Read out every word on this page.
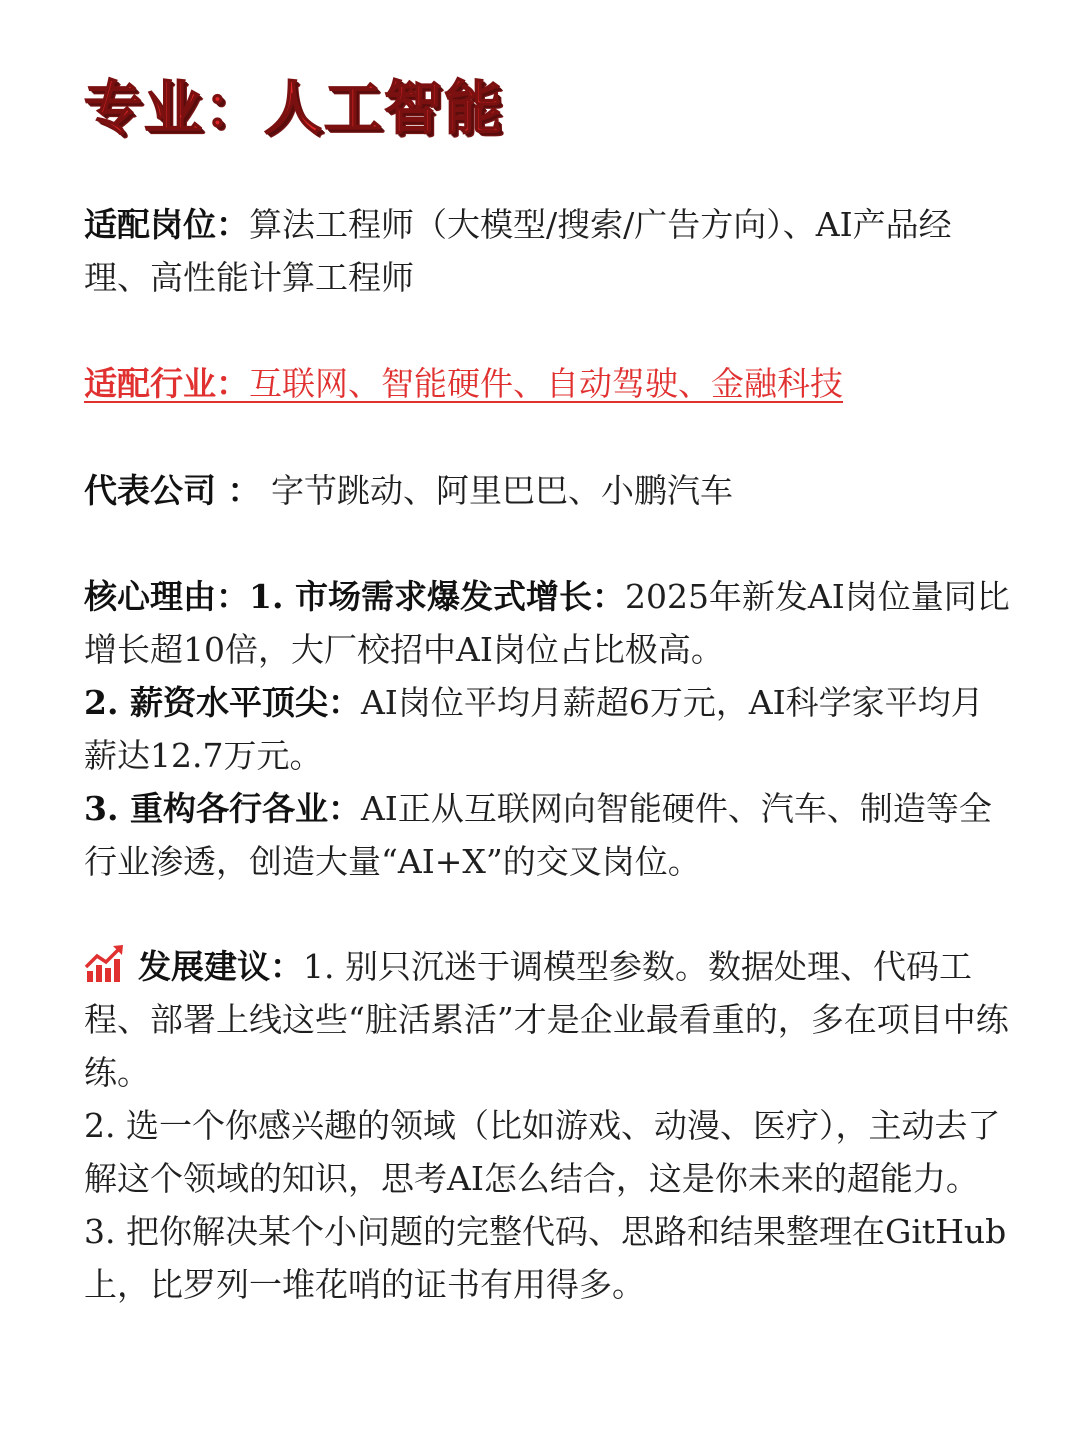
专业：人工智能
适配岗位：算法工程师（大模型/搜索/广告方向）、AI产品经理、高性能计算工程师
适配行业：互联网、智能硬件、自动驾驶、金融科技
代表公司 ： 字节跳动、阿里巴巴、小鹏汽车
核心理由：1. 市场需求爆发式增长：2025年新发AI岗位量同比增长超10倍，大厂校招中AI岗位占比极高。
2. 薪资水平顶尖：AI岗位平均月薪超6万元，AI科学家平均月薪达12.7万元。
3. 重构各行各业：AI正从互联网向智能硬件、汽车、制造等全行业渗透，创造大量“AI+X”的交叉岗位。
发展建议：1. 别只沉迷于调模型参数。数据处理、代码工程、部署上线这些“脏活累活”才是企业最看重的，多在项目中练练。
2. 选一个你感兴趣的领域（比如游戏、动漫、医疗），主动去了解这个领域的知识，思考AI怎么结合，这是你未来的超能力。
3. 把你解决某个小问题的完整代码、思路和结果整理在GitHub上，比罗列一堆花哨的证书有用得多。
